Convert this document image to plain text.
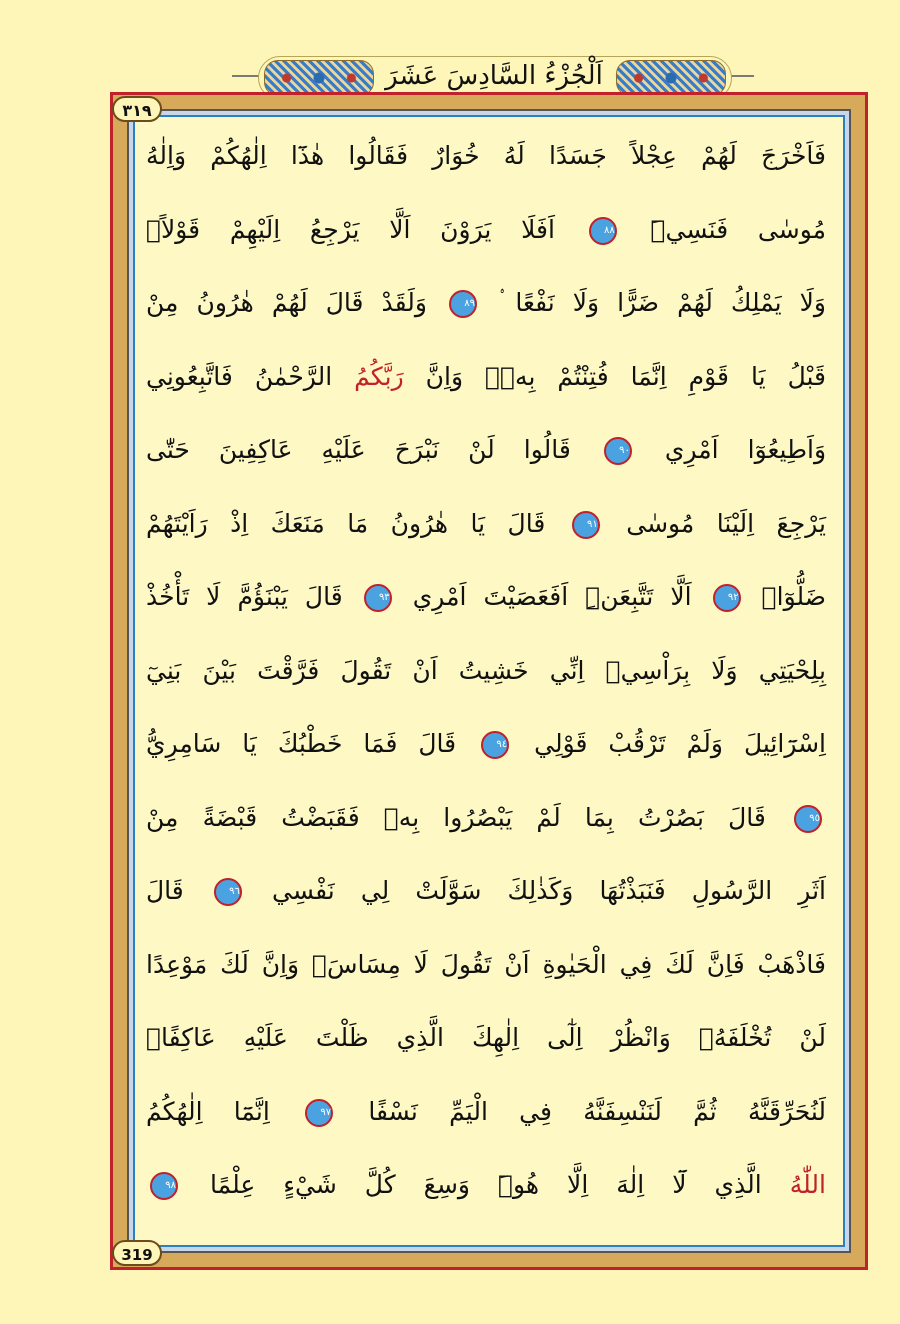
اَلْجُزْءُ السَّادِسَ عَشَرَ
٣١٩
319
فَاَخْرَجَ لَهُمْ عِجْلاً جَسَدًا لَهُ خُوَارٌ فَقَالُوا هٰذَٓا اِلٰهُكُمْ وَاِلٰهُ
مُوسٰى فَنَسِيَۜ ٨٨ اَفَلَا يَرَوْنَ اَلَّا يَرْجِعُ اِلَيْهِمْ قَوْلاًۙ
وَلَا يَمْلِكُ لَهُمْ ضَرًّا وَلَا نَفْعًا ۟ ٨٩ وَلَقَدْ قَالَ لَهُمْ هٰرُونُ مِنْ
قَبْلُ يَا قَوْمِ اِنَّمَا فُتِنْتُمْ بِهٖۚ وَاِنَّ رَبَّكُمُ الرَّحْمٰنُ فَاتَّبِعُونِي
وَاَطِيعُوٓا اَمْرِي ٩٠ قَالُوا لَنْ نَبْرَحَ عَلَيْهِ عَاكِفِينَ حَتّٰى
يَرْجِعَ اِلَيْنَا مُوسٰى ٩١ قَالَ يَا هٰرُونُ مَا مَنَعَكَ اِذْ رَاَيْتَهُمْ
ضَلُّوٓاۙ ٩٢ اَلَّا تَتَّبِعَنِۜ اَفَعَصَيْتَ اَمْرِي ٩٣ قَالَ يَبْنَؤُمَّ لَا تَأْخُذْ
بِلِحْيَتِي وَلَا بِرَاْسِيۚ اِنِّي خَشِيتُ اَنْ تَقُولَ فَرَّقْتَ بَيْنَ بَنِيٓ
اِسْرَٓائِيلَ وَلَمْ تَرْقُبْ قَوْلِي ٩٤ قَالَ فَمَا خَطْبُكَ يَا سَامِرِيُّ
٩٥ قَالَ بَصُرْتُ بِمَا لَمْ يَبْصُرُوا بِهٖ فَقَبَضْتُ قَبْضَةً مِنْ
اَثَرِ الرَّسُولِ فَنَبَذْتُهَا وَكَذٰلِكَ سَوَّلَتْ لِي نَفْسِي ٩٦ قَالَ
فَاذْهَبْ فَاِنَّ لَكَ فِي الْحَيٰوةِ اَنْ تَقُولَ لَا مِسَاسَۖ وَاِنَّ لَكَ مَوْعِدًا
لَنْ تُخْلَفَهُۚ وَانْظُرْ اِلٰٓى اِلٰهِكَ الَّذِي ظَلْتَ عَلَيْهِ عَاكِفًاۜ
لَنُحَرِّقَنَّهُ ثُمَّ لَنَنْسِفَنَّهُ فِي الْيَمِّ نَسْفًا ٩٧ اِنَّمَٓا اِلٰهُكُمُ
اللّٰهُ الَّذِي لَٓا اِلٰهَ اِلَّا هُوَۜ وَسِعَ كُلَّ شَيْءٍ عِلْمًا ٩٨
